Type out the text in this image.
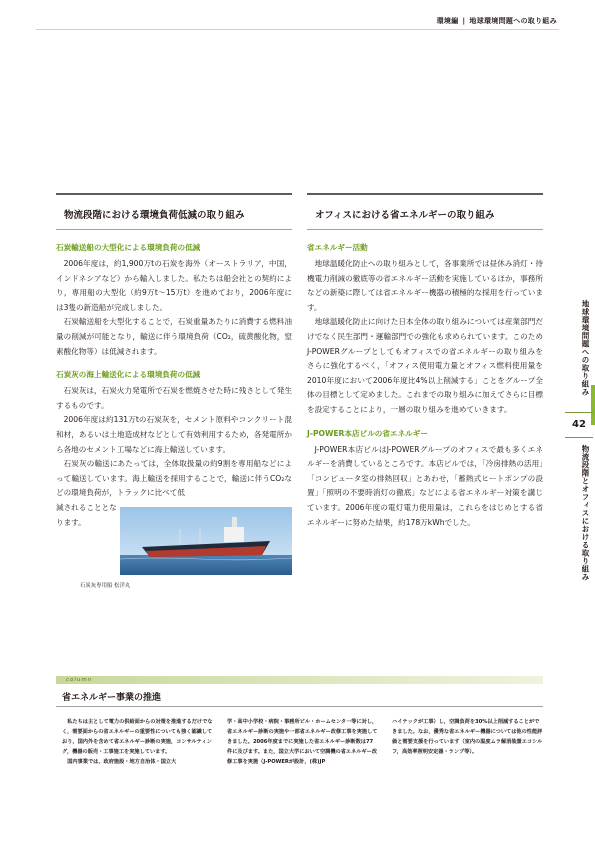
環境編 | 地球環境問題への取り組み
物流段階における環境負荷低減の取り組み
石炭輸送船の大型化による環境負荷の低減

2006年度は，約1,900万tの石炭を海外（オーストラリア，中国，インドネシアなど）から輸入しました。私たちは船会社との契約により，専用船の大型化（約9万t〜15万t）を進めており，2006年度には3隻の新造船が完成しました。

石炭輸送船を大型化することで，石炭重量あたりに消費する燃料油量の削減が可能となり，輸送に伴う環境負荷（CO₂，硫黄酸化物，窒素酸化物等）は低減されます。

石炭灰の海上輸送化による環境負荷の低減

石炭灰は，石炭火力発電所で石炭を燃焼させた時に残さとして発生するものです。

2006年度は約131万tの石炭灰を，セメント原料やコンクリート混和材，あるいは土地造成材などとして有効利用するため，各発電所から各地のセメント工場などに海上輸送しています。

石炭灰の輸送にあたっては，全体取扱量の約9割を専用船などによって輸送しています。海上輸送を採用することで，輸送に伴うCO₂などの環境負荷が，トラックに比べて低

減されることとなります。
石炭灰専用船 松洋丸
オフィスにおける省エネルギーの取り組み
省エネルギー活動

地球温暖化防止への取り組みとして，各事業所では昼休み消灯・待機電力削減の徹底等の省エネルギー活動を実施しているほか，事務所などの新築に際しては省エネルギー機器の積極的な採用を行っています。

地球温暖化防止に向けた日本全体の取り組みについては産業部門だけでなく民生部門・運輸部門での強化も求められています。このためJ-POWERグループとしてもオフィスでの省エネルギーの取り組みをさらに強化するべく，「オフィス使用電力量とオフィス燃料使用量を2010年度において2006年度比4%以上削減する」ことをグループ全体の目標として定めました。これまでの取り組みに加えてさらに目標を設定することにより，一層の取り組みを進めていきます。

J-POWER本店ビルの省エネルギー

J-POWER本店ビルはJ-POWERグループのオフィスで最も多くエネルギーを消費しているところです。本店ビルでは，「冷房排熱の活用」「コンピュータ室の排熱回収」とあわせ，「蓄熱式ヒートポンプの設置」「照明の不要時消灯の徹底」などによる省エネルギー対策を講じています。2006年度の電灯電力使用量は，これらをはじめとする省エネルギーに努めた結果，約178万kWhでした。

地球環境問題への取り組み
42
物流段階とオフィスにおける取り組み
column
省エネルギー事業の推進

私たちは主として電力の供給面からの対策を推進するだけでなく，需要面からの省エネルギーの重要性についても強く認識しており，国内外を含めて省エネルギー診断の実施，コンサルティング，機器の販売・工事施工を実施しています。

国内事業では，政府施設・地方自治体・国立大

学・高中小学校・病院・事務所ビル・ホームセンタ一等に対し，省エネルギー診断の実施や一部省エネルギー改修工事を実施してきました。2006年度までに実施した省エネルギー診断数は77件に及びます。また，国立大学において空調機の省エネルギー改修工事を実施（J-POWERが設計，(株)JP

ハイテックが工事）し，空調負荷を30%以上削減することができました。なお，優秀な省エネルギー機器については他の性能評価と需要支援を行っています（室内の温度ムラ解消装置エコシルフ，高効率照明安定器・ランプ等）。
